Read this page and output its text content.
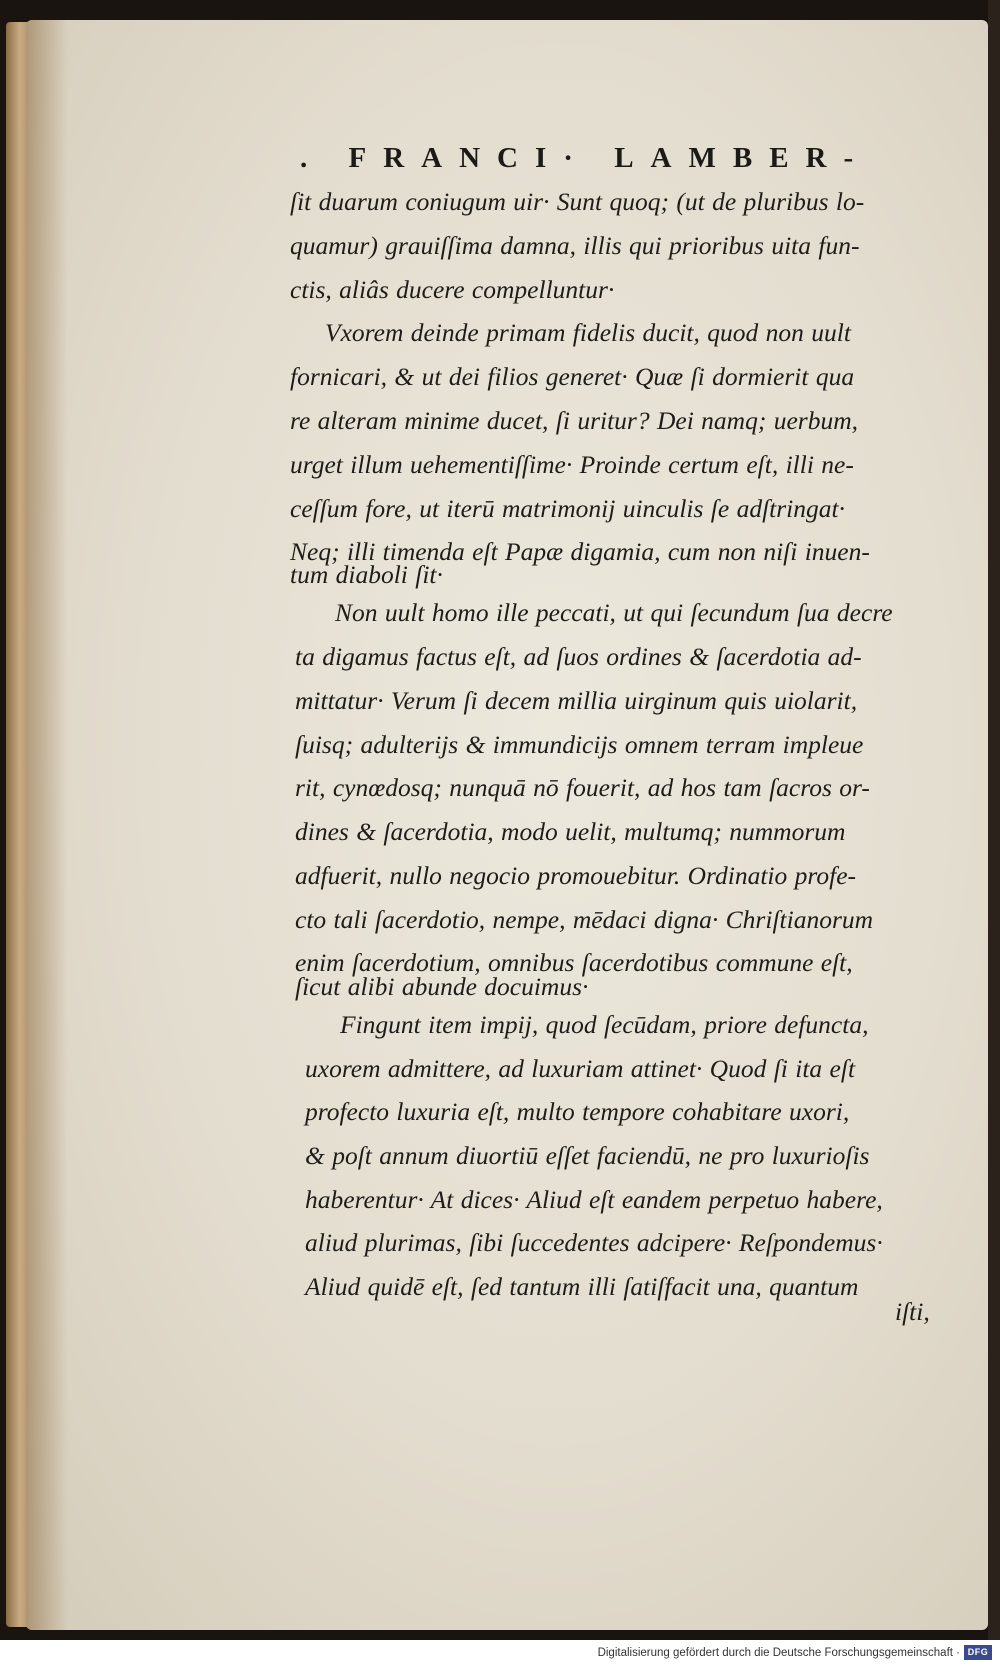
. FRANCI· LAMBER-

ſit duarum coniugum uir· Sunt quoq; (ut de pluribus lo-

quamur) grauiſſima damna, illis qui prioribus uita fun-

ctis, aliâs ducere compelluntur·

Vxorem deinde primam fidelis ducit, quod non uult

fornicari, & ut dei filios generet· Quæ ſi dormierit qua

re alteram minime ducet, ſi uritur? Dei namq; uerbum,

urget illum uehementiſſime· Proinde certum eſt, illi ne-

ceſſum fore, ut iterū matrimonij uinculis ſe adſtringat·

Neq; illi timenda eſt Papæ digamia, cum non niſi inuen-

tum diaboli ſit·

Non uult homo ille peccati, ut qui ſecundum ſua decre

ta digamus factus eſt, ad ſuos ordines & ſacerdotia ad-

mittatur· Verum ſi decem millia uirginum quis uiolarit,

ſuisq; adulterijs & immundicijs omnem terram impleue

rit, cynœdosq; nunquā nō fouerit, ad hos tam ſacros or-

dines & ſacerdotia, modo uelit, multumq; nummorum

adfuerit, nullo negocio promouebitur. Ordinatio profe-

cto tali ſacerdotio, nempe, mēdaci digna· Chriſtianorum

enim ſacerdotium, omnibus ſacerdotibus commune eſt,

ſicut alibi abunde docuimus·

Fingunt item impij, quod ſecūdam, priore defuncta,

uxorem admittere, ad luxuriam attinet· Quod ſi ita eſt

profecto luxuria eſt, multo tempore cohabitare uxori,

& poſt annum diuortiū eſſet faciendū, ne pro luxurioſis

haberentur· At dices· Aliud eſt eandem perpetuo habere,

aliud plurimas, ſibi ſuccedentes adcipere· Reſpondemus·

Aliud quidē eſt, ſed tantum illi ſatiſfacit una, quantum

iſti,

Digitalisierung gefördert durch die Deutsche Forschungsgemeinschaft · DFG
